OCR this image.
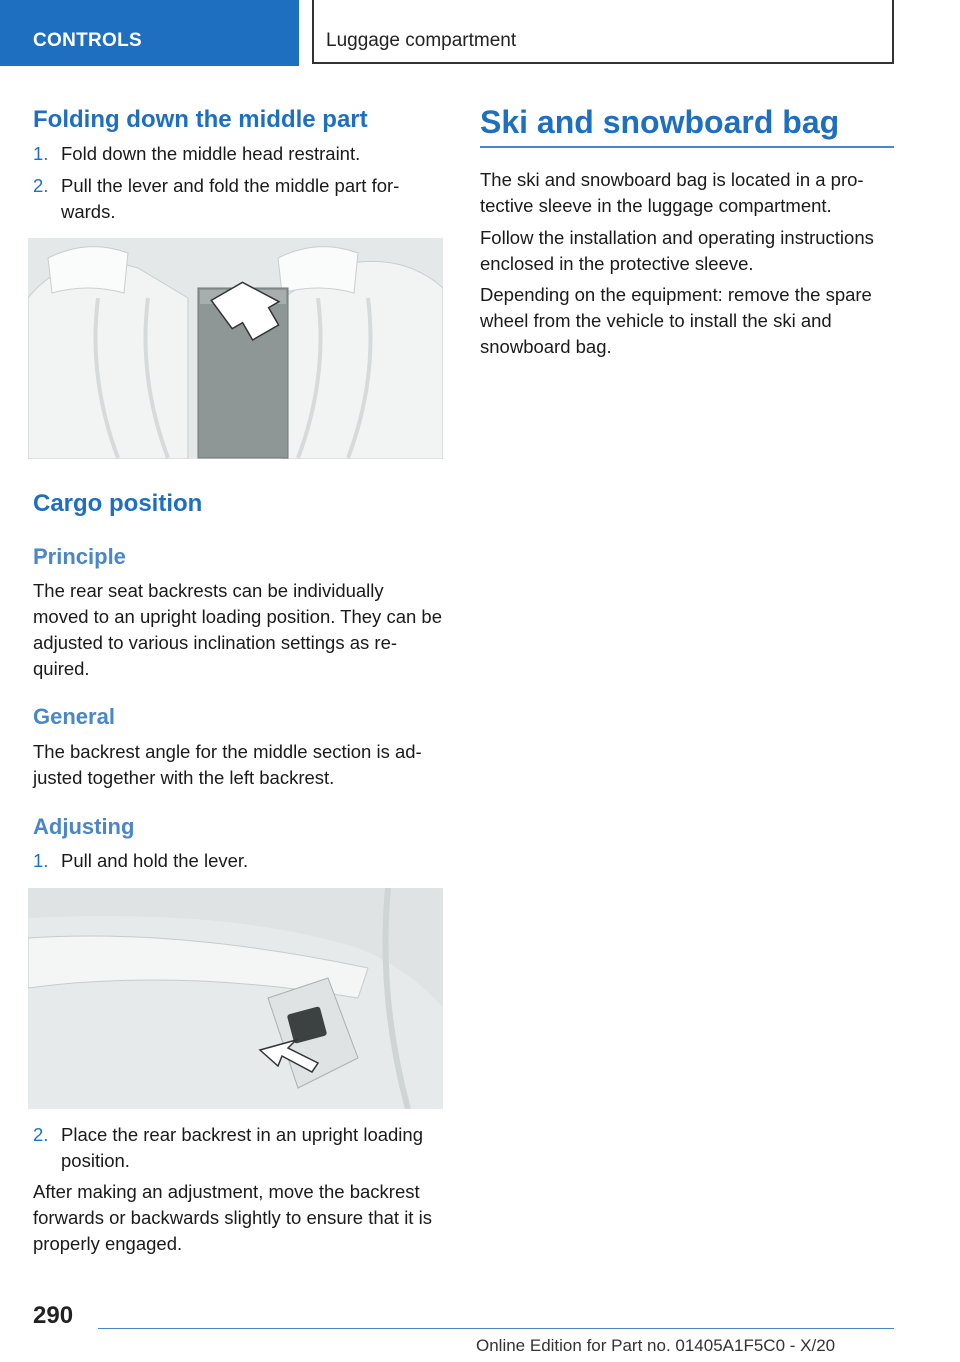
CONTROLS	Luggage compartment
Folding down the middle part
1. Fold down the middle head restraint.
2. Pull the lever and fold the middle part for-wards.
Cargo position
Principle

The rear seat backrests can be individually moved to an upright loading position. They can be adjusted to various inclination settings as re-quired.

General

The backrest angle for the middle section is ad-justed together with the left backrest.

Adjusting
1. Pull and hold the lever.
2. Place the rear backrest in an upright loading position.

After making an adjustment, move the backrest forwards or backwards slightly to ensure that it is properly engaged.

Ski and snowboard bag

The ski and snowboard bag is located in a pro-tective sleeve in the luggage compartment.

Follow the installation and operating instructions enclosed in the protective sleeve.

Depending on the equipment: remove the spare wheel from the vehicle to install the ski and snowboard bag.

290
Online Edition for Part no. 01405A1F5C0 - X/20
